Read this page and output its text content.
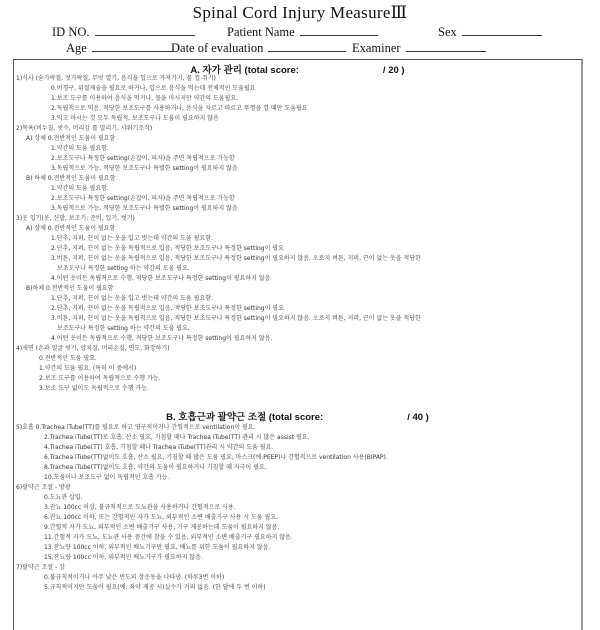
Spinal Cord Injury MeasureⅢ
ID NO.	Patient Name	Sex
Age	Date of evaluation	Examiner
A. 자가 관리 (total score:	/ 20 )
1)식사 (숟가락질, 젓가락질, 무엇 열기, 음식을 입으로 가져가기, 물 컵 쥐기)
0.비경구, 위절제술을 필요로 하거나, 입으로 음식을 먹는데 전체적인 도움필요
1.보조 도구를 이용하여 음식을 먹거나, 물을 마시지만 약간의 도움필요.
2.독립적으로 먹음, 적당한 보조도구를 사용하거나, 음식을 자르고 따르고 뚜껑을 열 때만 도움필요
3.먹고 마시는 것 모두 독립적, 보조도구나 도움이 필요하지 않음
2)목욕(비누칠, 씻수, 머리감 를 말리기, 샤워기조작)
A) 상체 0.전반적인 도움이 필요함
1.약간의 도움 필요함.
2.보조도구나 특정한 setting(손잡이, 의자)을 주면 독립적으로 가능함
3.독립적으로 가능, 적당한 보조도구나 특별한 setting이 필요하지 않음
B) 하체 0.전반적인 도움이 필요함
1.약간의 도움 필요함.
2.보조도구나 특정한 setting(손잡이, 의자)을 주면 독립적으로 가능함
3.독립적으로 가능, 적당한 보조도구나 특별한 setting이 필요하지 않음
3)옷 입기(옷, 신발, 보조기: 준비, 입기, 벗기)
A) 상체 0.전반적인 도움이 필요함
1.단추, 지퍼, 끈이 없는 옷을 입고 벗는데 약간의 도움 필요함.
2.단추, 지퍼, 끈이 없는 옷을 독립적으로 입음, 적당한 보조도구나 특정한 setting이 필요
3.버튼, 지퍼, 끈이 없는 옷을 독립적으로 입음, 적당한 보조도구나 특정한 setting이 필요하지 않음. 오로지 버튼, 지퍼, 끈이 없는 옷을 적당한
보조도구나 특정한 setting 하는 약간의 도움 필요.
4.어떤 옷이든 독립적으로 수행, 적당한 보조도구나 특정한 setting이 필요하지 않음
B)하체 0.전반적인 도움이 필요함
1.단추, 지퍼, 끈이 없는 옷을 입고 벗는데 약간의 도움 필요함.
2.단추, 지퍼, 끈이 없는 옷을 독립적으로 입음, 적당한 보조도구나 특정한 setting이 필요
3.버튼, 지퍼, 끈이 없는 옷을 독립적으로 입음, 적당한 보조도구나 특정한 setting이 필요하지 않음. 오로지 버튼, 지퍼, 끈이 없는 옷을 적당한
보조도구나 특정한 setting 하는 약간의 도움 필요.
4.어떤 옷이든 독립적으로 수행, 적당한 보조도구나 특정한 setting이 필요하지 않음.
4)세면 (손과 얼굴 씻기, 양치질, 머리손질, 면도, 화장하기)
0.전반적인 도움 필요.
1.약간의 도움 필요. (특히 이 중에서)
2.보조 도구를 이용하여 독립적으로 수행 가능.
3.보조 도구 없이도 독립적으로 수행 가능.
B. 호흡근과 괄약근 조절 (total score:	/ 40 )
5)호흡 0.Trachea iTube(TT)를 필요로 하고 영구적이거나 간헐적으로 ventilation이 필요.
2.Trachea iTube(TT)로 호흡, 산소 필요, 기침할 때나 Trachea iTube(TT) 관리 시 많은 assist 필요.
4.Trachea iTube(TT) 호흡, 기침할 때나 Trachea iTube(TT)관리 시 약간의 도움 필요.
6.Trachea iTube(TT)없이도 호흡, 산소 필요, 기침할 때 많은 도움 필요, 마스크(예:PEEP)나 간헐적으로 ventilation 사용(BIPAP).
8.Trachea iTube(TT)없이도 호흡, 약간의 도움이 필요하거나 기침할 때 자극이 필요.
10.도움이나 보조도구 없이 독립적인 호흡 가능.
6)괄약근 조절 - 방광
0.도뇨관 삽입.
3.잔뇨 100cc 이상, 불규칙적으로 도뇨관을 사용하거나 간헐적으로 사용.
6.잔뇨 100cc 이하, 또는 간헐적인 자가 도뇨, 외부적인 소변 배출기구 사용 시 도움 필요.
9.간헐적 자가 도뇨, 외부적인 소변 배출기구 사용, 기구 제공하는데 도움이 필요하지 않음.
11.간헐적 자가 도뇨, 도뇨관 사용 중간에 참을 수 있음, 외부적인 소변 배출기구 필요하지 않음.
13.잔뇨량 100cc 이하, 외부적인 배뇨기구만 필요, 배뇨를 위한 도움이 필요하지 않음.
15.잔뇨량 100cc 이하, 외부적인 배뇨기구가 필요하지 않음.
7)괄약근 조절 - 장
0.불규칙적이거나 아주 낮은 빈도의 장운동을 나타냄. (하루3번 이하)
5.규칙적이지만 도움이 필요(예: 좌약 제공 시)실수가 거의 없음. (한 달에 두 번 이하)
